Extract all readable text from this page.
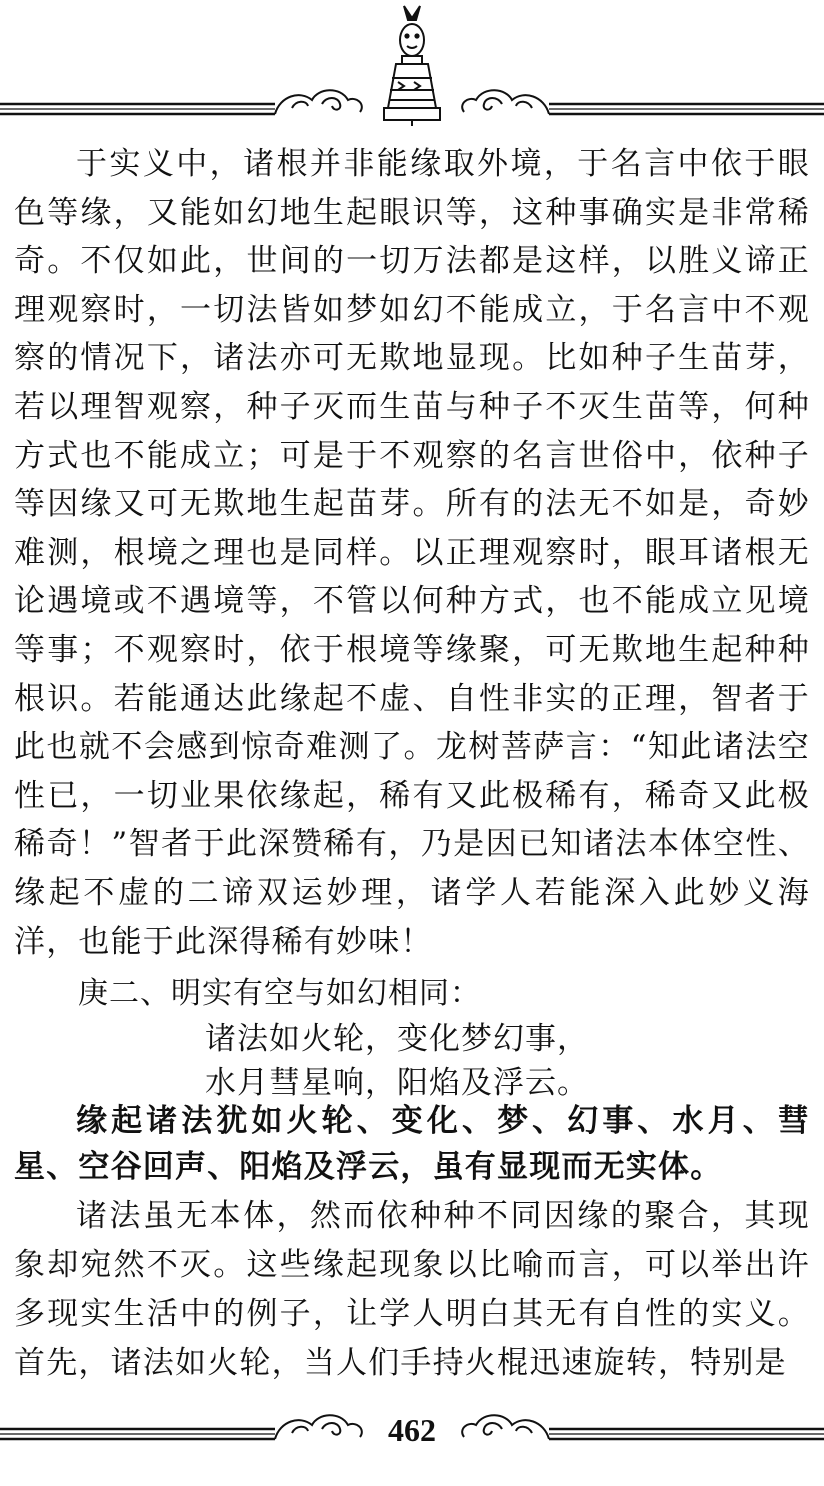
于实义中，诸根并非能缘取外境，于名言中依于眼色等缘，又能如幻地生起眼识等，这种事确实是非常稀奇。不仅如此，世间的一切万法都是这样，以胜义谛正理观察时，一切法皆如梦如幻不能成立，于名言中不观察的情况下，诸法亦可无欺地显现。比如种子生苗芽，若以理智观察，种子灭而生苗与种子不灭生苗等，何种方式也不能成立；可是于不观察的名言世俗中，依种子等因缘又可无欺地生起苗芽。所有的法无不如是，奇妙难测，根境之理也是同样。以正理观察时，眼耳诸根无论遇境或不遇境等，不管以何种方式，也不能成立见境等事；不观察时，依于根境等缘聚，可无欺地生起种种根识。若能通达此缘起不虚、自性非实的正理，智者于此也就不会感到惊奇难测了。龙树菩萨言：“知此诸法空性已，一切业果依缘起，稀有又此极稀有，稀奇又此极稀奇！”智者于此深赞稀有，乃是因已知诸法本体空性、缘起不虚的二谛双运妙理，诸学人若能深入此妙义海洋，也能于此深得稀有妙味！

庚二、明实有空与如幻相同：
诸法如火轮，变化梦幻事，
水月彗星响，阳焰及浮云。

缘起诸法犹如火轮、变化、梦、幻事、水月、彗星、空谷回声、阳焰及浮云，虽有显现而无实体。

诸法虽无本体，然而依种种不同因缘的聚合，其现象却宛然不灭。这些缘起现象以比喻而言，可以举出许多现实生活中的例子，让学人明白其无有自性的实义。首先，诸法如火轮，当人们手持火棍迅速旋转，特别是

462
